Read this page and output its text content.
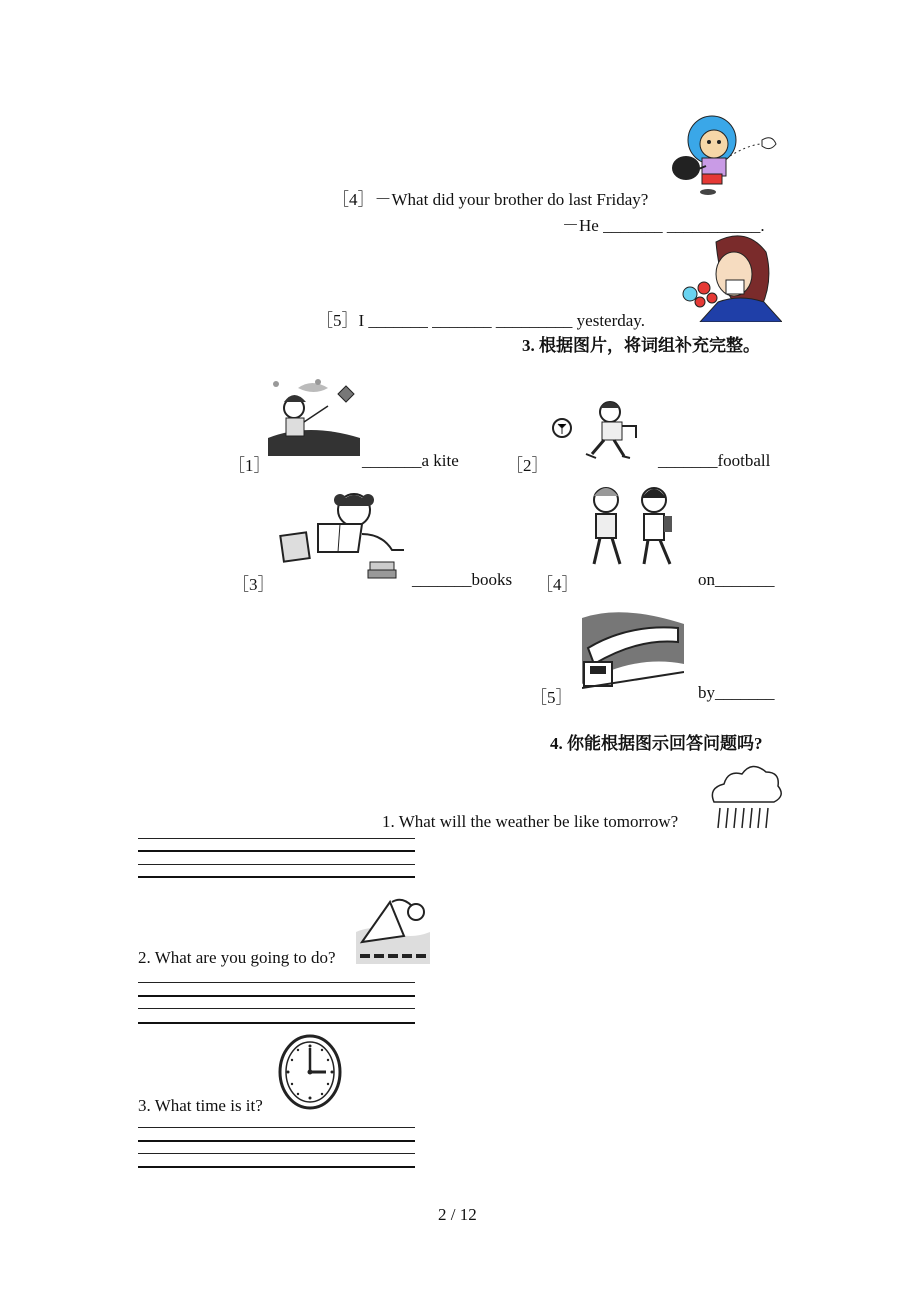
［4］－What did your brother do last Friday?
－He _______ ___________.
［5］I _______ _______ _________ yesterday.
3. 根据图片，将词组补充完整。
［1］	_______a kite	［2］	_______football
［3］	_______books ［4］	on_______
［5］	by_______
4. 你能根据图示回答问题吗?
1. What will the weather be like tomorrow?
2. What are you going to do?
3. What time is it?
2 / 12
